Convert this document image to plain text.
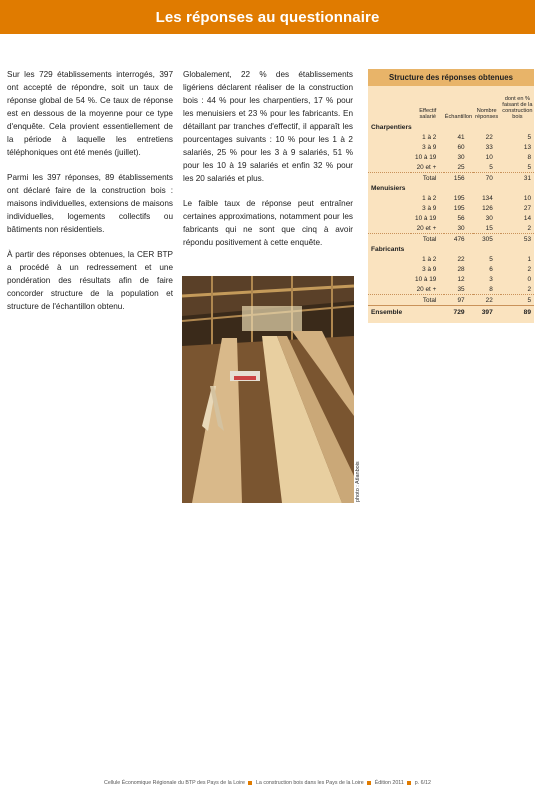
Les réponses au questionnaire

Sur les 729 établissements interrogés, 397 ont accepté de répondre, soit un taux de réponse global de 54 %. Ce taux de réponse est en dessous de la moyenne pour ce type d'enquête. Cela provient essentiellement de la période à laquelle les entretiens téléphoniques ont été menés (juillet).

Parmi les 397 réponses, 89 établissements ont déclaré faire de la construction bois : maisons individuelles, extensions de maisons individuelles, logements collectifs ou bâtiments non résidentiels.

À partir des réponses obtenues, la CER BTP a procédé à un redressement et une pondération des résultats afin de faire concorder structure de la population et structure de l'échantillon obtenu.

Globalement, 22 % des établissements ligériens déclarent réaliser de la construction bois : 44 % pour les charpentiers, 17 % pour les menuisiers et 23 % pour les fabricants. En détaillant par tranches d'effectif, il apparaît les pourcentages suivants : 10 % pour les 1 à 2 salariés, 25 % pour les 3 à 9 salariés, 51 % pour les 10 à 19 salariés et enfin 32 % pour les 20 salariés et plus.

Le faible taux de réponse peut entraîner certaines approximations, notamment pour les fabricants qui ne sont que cinq à avoir répondu positivement à cette enquête.

photo : Atlanbois
Structure des réponses obtenues
	Effectif salarié	Échantillon	Nombre réponses	dont en % faisant de la construction bois
Charpentiers				
	1 à 2	41	22	5
	3 à 9	60	33	13
	10 à 19	30	10	8
	20 et +	25	5	5
	Total	156	70	31
Menuisiers				
	1 à 2	195	134	10
	3 à 9	195	126	27
	10 à 19	56	30	14
	20 et +	30	15	2
	Total	476	305	53
Fabricants				
	1 à 2	22	5	1
	3 à 9	28	6	2
	10 à 19	12	3	0
	20 et +	35	8	2
	Total	97	22	5
Ensemble		729	397	89
Cellule Économique Régionale du BTP des Pays de la Loire La construction bois dans les Pays de la Loire Édition 2011 p. 6/12
